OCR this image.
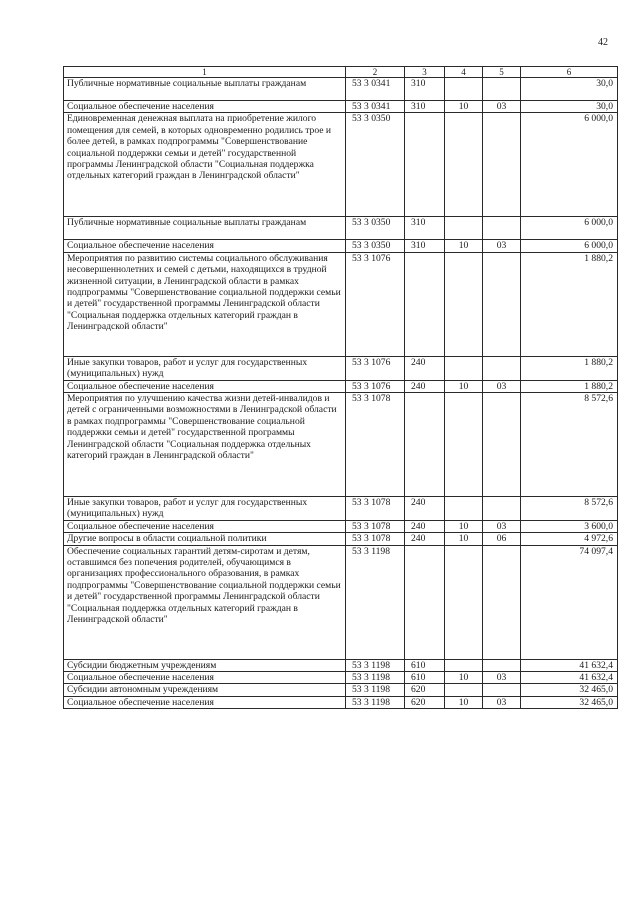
42
1	2	3	4	5	6
Публичные нормативные социальные выплаты гражданам	53 3 0341	310			30,0
Социальное обеспечение населения	53 3 0341	310	10	03	30,0
Единовременная денежная выплата на приобретение жилого помещения для семей, в которых одновременно родились трое и более детей, в рамках подпрограммы "Совершенствование социальной поддержки семьи и детей" государственной программы Ленинградской области "Социальная поддержка отдельных категорий граждан в Ленинградской области"	53 3 0350				6 000,0
Публичные нормативные социальные выплаты гражданам	53 3 0350	310			6 000,0
Социальное обеспечение населения	53 3 0350	310	10	03	6 000,0
Мероприятия по развитию системы социального обслуживания несовершеннолетних и семей с детьми, находящихся в трудной жизненной ситуации, в Ленинградской области в рамках подпрограммы "Совершенствование социальной поддержки семьи и детей" государственной программы Ленинградской области "Социальная поддержка отдельных категорий граждан в Ленинградской области"	53 3 1076				1 880,2
Иные закупки товаров, работ и услуг для государственных (муниципальных) нужд	53 3 1076	240			1 880,2
Социальное обеспечение населения	53 3 1076	240	10	03	1 880,2
Мероприятия по улучшению качества жизни детей-инвалидов и детей с ограниченными возможностями в Ленинградской области в рамках подпрограммы "Совершенствование социальной поддержки семьи и детей" государственной программы Ленинградской области "Социальная поддержка отдельных категорий граждан в Ленинградской области"	53 3 1078				8 572,6
Иные закупки товаров, работ и услуг для государственных (муниципальных) нужд	53 3 1078	240			8 572,6
Социальное обеспечение населения	53 3 1078	240	10	03	3 600,0
Другие вопросы в области социальной политики	53 3 1078	240	10	06	4 972,6
Обеспечение социальных гарантий детям-сиротам и детям, оставшимся без попечения родителей, обучающимся в организациях профессионального образования, в рамках подпрограммы "Совершенствование социальной поддержки семьи и детей" государственной программы Ленинградской области "Социальная поддержка отдельных категорий граждан в Ленинградской области"	53 3 1198				74 097,4
Субсидии бюджетным учреждениям	53 3 1198	610			41 632,4
Социальное обеспечение населения	53 3 1198	610	10	03	41 632,4
Субсидии автономным учреждениям	53 3 1198	620			32 465,0
Социальное обеспечение населения	53 3 1198	620	10	03	32 465,0
